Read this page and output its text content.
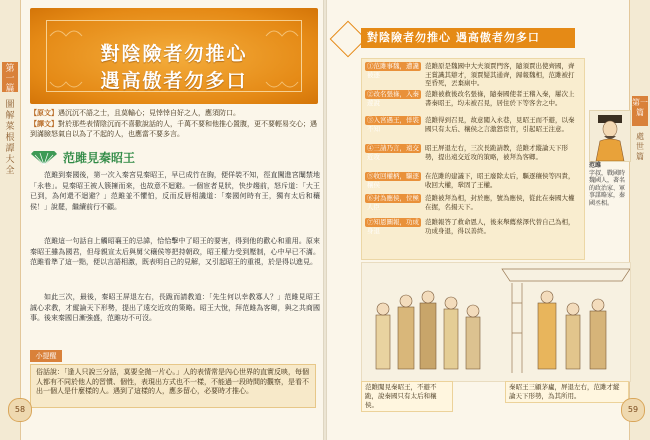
第一篇
圖解菜根譚大全
對陰險者勿推心
遇高傲者勿多口
【原文】遇沉沉不語之士，且莫輸心；見悻悻自好之人，應須防口。
【譯文】對於那些表情陰沉而不喜歡說話的人，千萬不要和他推心置腹，更不要輕易交心；遇到滿臉怒氣自以為了不起的人，也應當不要多言。
范雎見秦昭王
范雎到秦國後，第一次入秦宮見秦昭王，早已成竹在胸，便佯裝不知，徑直闖進宮闈禁地「永巷」。見秦昭王被人簇擁而來，也故意不迴避。一個宦者見狀，快步趨前，怒斥道：「大王已到，為何還不迴避？」范雎並不懼怕，反而反唇相譏道：「秦國何時有王，獨有太后和穰侯！」說罷，繼續前行不顧。
范雎這一句話自上觸昭襄王的忌諱，恰恰擊中了昭王的要害，得到他的歡心和重用。原來秦昭王雖為國君，但母親宣太后與舅父穰侯等把持朝政，昭王權力受到壓制，心中早已不滿。范雎看準了這一點，便以言語相激，既表明自己的見解，又引起昭王的重視，於是得以進見。
如此三次，最後，秦昭王屏退左右，長跪而請教道：「先生何以幸教寡人？」范雎見昭王誠心求教，才縱論天下形勢，提出了遠交近攻的策略。昭王大悅，拜范雎為客卿，與之共商國事。後來秦國日漸強盛，范雎功不可沒。
小提醒
俗話說：「逢人只說三分話，莫要全拋一片心。」人的表情常是內心世界的直實反映，每個人都有不同於他人的習慣、個性，表現出方式也不一樣，不能過一段時間的觀察，是看不出一個人是什麼樣的人。遇到了這樣的人，應多留心，必要時才推心。
58
對陰險者勿推心 遇高傲者勿多口
第一篇
處世篇
①范雎事魏，遭讒被逐
范雎原是魏國中大夫須賈門客，隨須賈出使齊國，齊王賞識其辯才，須賈疑其通齊，歸報魏相，范雎被打至昏死，丟棄廁中。
②改名張祿，入秦遊說
范雎被救後改名張祿，隨秦國使者王稽入秦，屢次上書秦昭王，均未被召見，居住於下等客舍之中。
③入宮遇王，佯裝不知
范雎得到召見，故意闖入永巷，見昭王而不避，以秦國只有太后、穰侯之言激怒宦官，引起昭王注意。
④三請乃言，遠交近攻
昭王屏退左右，三次長跪請教，范雎才縱論天下形勢，提出遠交近攻的策略，被拜為客卿。
⑤收回權柄，驅逐穰侯
在范雎的建議下，昭王廢除太后，驅逐穰侯等四貴，收回大權，鞏固了王權。
⑥封為應侯，位極人臣
范雎被拜為相，封於應，號為應侯，從此在秦國大權在握，名揚天下。
⑦知恩圖報，功成身退
范雎報答了救命恩人，後來舉薦蔡澤代替自己為相，功成身退，得以善終。
范雎
字叔，戰國時魏國人，著名的政治家、軍事謀略家，秦國丞相。
范雎闖見秦昭王，不避不跪，說秦國只有太后和穰侯。
秦昭王三顧茅廬，屏退左右，范雎才縱論天下形勢，為其所用。
59
